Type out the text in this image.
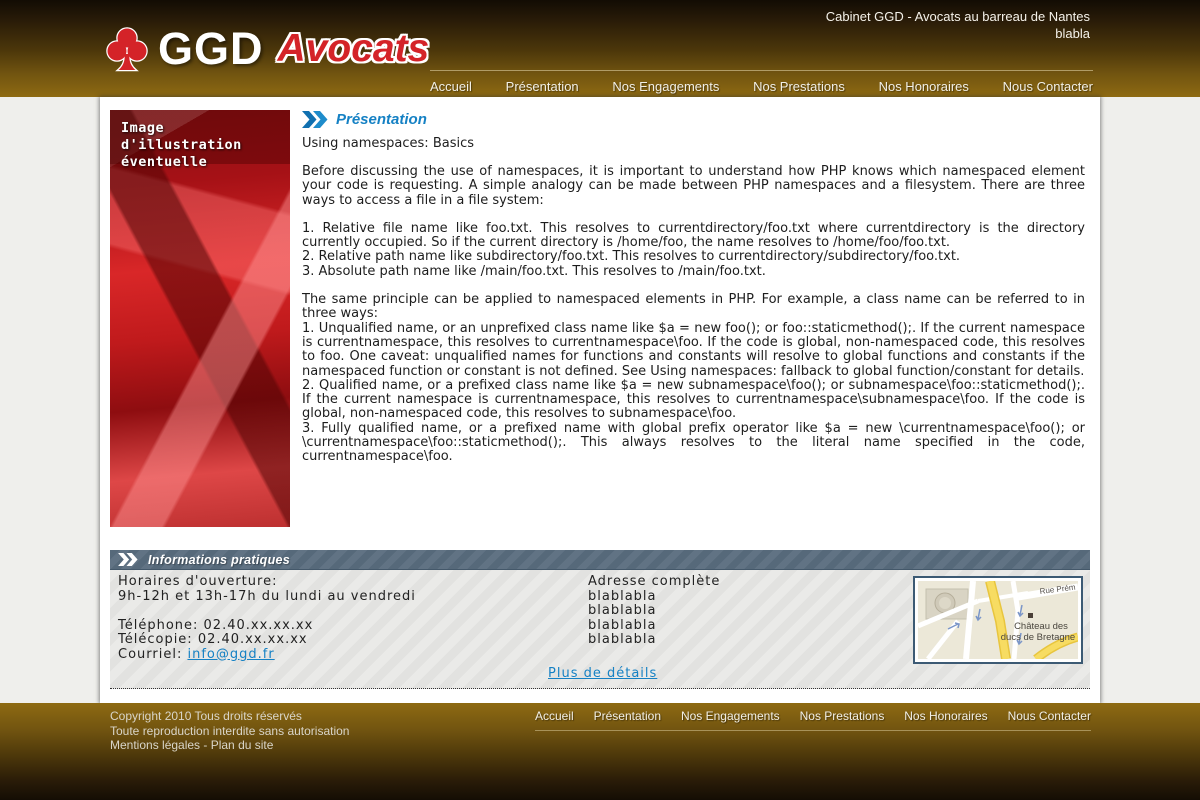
GGD Avocats
Cabinet GGD - Avocats au barreau de Nantes
blabla
Accueil	Présentation	Nos Engagements	Nos Prestations	Nos Honoraires	Nous Contacter
Image d'illustration
éventuelle
Présentation
Using namespaces: Basics
Before discussing the use of namespaces, it is important to understand how PHP knows which namespaced element your code is requesting. A simple analogy can be made between PHP namespaces and a filesystem. There are three ways to access a file in a file system:
1. Relative file name like foo.txt. This resolves to currentdirectory/foo.txt where currentdirectory is the directory currently occupied. So if the current directory is /home/foo, the name resolves to /home/foo/foo.txt.
2. Relative path name like subdirectory/foo.txt. This resolves to currentdirectory/subdirectory/foo.txt.
3. Absolute path name like /main/foo.txt. This resolves to /main/foo.txt.
The same principle can be applied to namespaced elements in PHP. For example, a class name can be referred to in three ways:
1. Unqualified name, or an unprefixed class name like $a = new foo(); or foo::staticmethod();. If the current namespace is currentnamespace, this resolves to currentnamespace\foo. If the code is global, non-namespaced code, this resolves to foo. One caveat: unqualified names for functions and constants will resolve to global functions and constants if the namespaced function or constant is not defined. See Using namespaces: fallback to global function/constant for details.
2. Qualified name, or a prefixed class name like $a = new subnamespace\foo(); or subnamespace\foo::staticmethod();. If the current namespace is currentnamespace, this resolves to currentnamespace\subnamespace\foo. If the code is global, non-namespaced code, this resolves to subnamespace\foo.
3. Fully qualified name, or a prefixed name with global prefix operator like $a = new \currentnamespace\foo(); or \currentnamespace\foo::staticmethod();. This always resolves to the literal name specified in the code, currentnamespace\foo.
Informations pratiques
Horaires d'ouverture:
9h-12h et 13h-17h du lundi au vendredi
Téléphone: 02.40.xx.xx.xx
Télécopie: 02.40.xx.xx.xx
Courriel: info@ggd.fr
Adresse complète
blablabla
blablabla
blablabla
blablabla
Plus de détails
Rue Prém
Château des
ducs de Bretagne
Copyright 2010 Tous droits réservés
Toute reproduction interdite sans autorisation
Mentions légales - Plan du site
Accueil Présentation Nos Engagements Nos Prestations Nos Honoraires Nous Contacter
